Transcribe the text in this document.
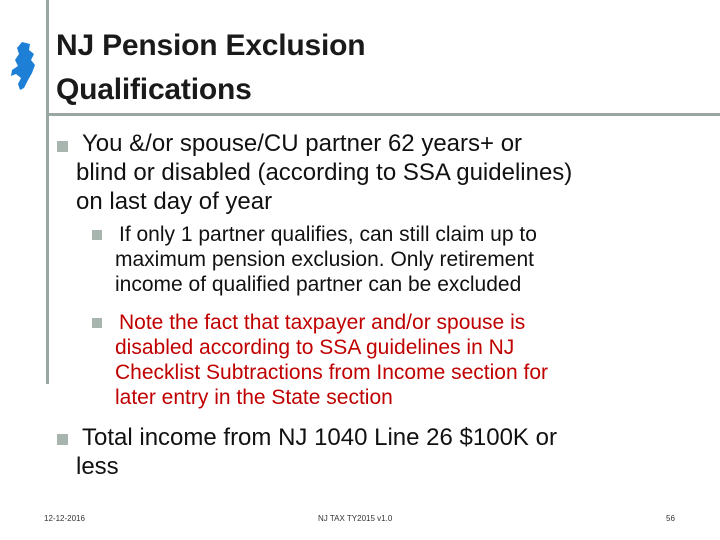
NJ Pension Exclusion
Qualifications
You &/or spouse/CU partner 62 years+ or
blind or disabled (according to SSA guidelines)
on last day of year
If only 1 partner qualifies, can still claim up to
maximum pension exclusion. Only retirement
income of qualified partner can be excluded
Note the fact that taxpayer and/or spouse is
disabled according to SSA guidelines in NJ
Checklist Subtractions from Income section for
later entry in the State section
Total income from NJ 1040 Line 26 $100K or
less
12-12-2016	NJ TAX TY2015 v1.0	56
